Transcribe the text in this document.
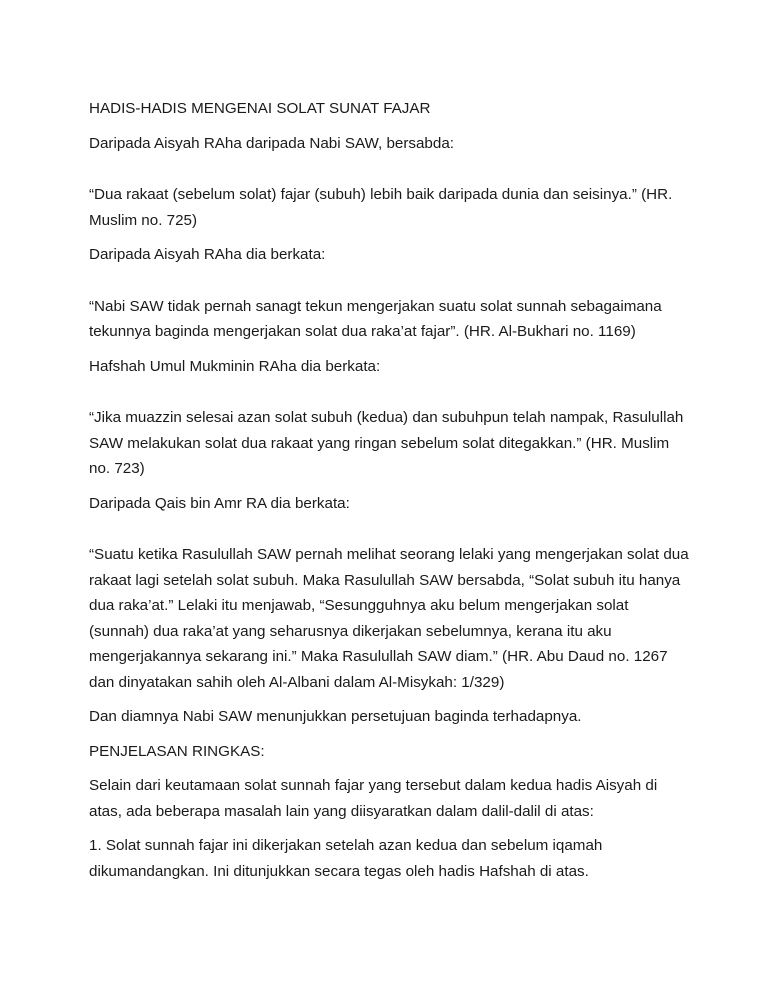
HADIS-HADIS MENGENAI SOLAT SUNAT FAJAR

Daripada Aisyah RAha daripada Nabi SAW, bersabda:

“Dua rakaat (sebelum solat) fajar (subuh) lebih baik daripada dunia dan seisinya.” (HR. Muslim no. 725)

Daripada Aisyah RAha dia berkata:

“Nabi SAW tidak pernah sanagt tekun mengerjakan suatu solat sunnah sebagaimana tekunnya baginda mengerjakan solat dua raka’at fajar”. (HR. Al-Bukhari no. 1169)

Hafshah Umul Mukminin RAha dia berkata:

“Jika muazzin selesai azan solat subuh (kedua) dan subuhpun telah nampak, Rasulullah SAW melakukan solat dua rakaat yang ringan sebelum solat ditegakkan.” (HR. Muslim no. 723)

Daripada Qais bin Amr RA dia berkata:

“Suatu ketika Rasulullah SAW pernah melihat seorang lelaki yang mengerjakan solat dua rakaat lagi setelah solat subuh. Maka Rasulullah SAW bersabda, “Solat subuh itu hanya dua raka’at.” Lelaki itu menjawab, “Sesungguhnya aku belum mengerjakan solat (sunnah) dua raka’at yang seharusnya dikerjakan sebelumnya, kerana itu aku mengerjakannya sekarang ini.” Maka Rasulullah SAW diam.” (HR. Abu Daud no. 1267 dan dinyatakan sahih oleh Al-Albani dalam Al-Misykah: 1/329)

Dan diamnya Nabi SAW menunjukkan persetujuan baginda terhadapnya.

PENJELASAN RINGKAS:

Selain dari keutamaan solat sunnah fajar yang tersebut dalam kedua hadis Aisyah di atas, ada beberapa masalah lain yang diisyaratkan dalam dalil-dalil di atas:

1. Solat sunnah fajar ini dikerjakan setelah azan kedua dan sebelum iqamah dikumandangkan. Ini ditunjukkan secara tegas oleh hadis Hafshah di atas.
